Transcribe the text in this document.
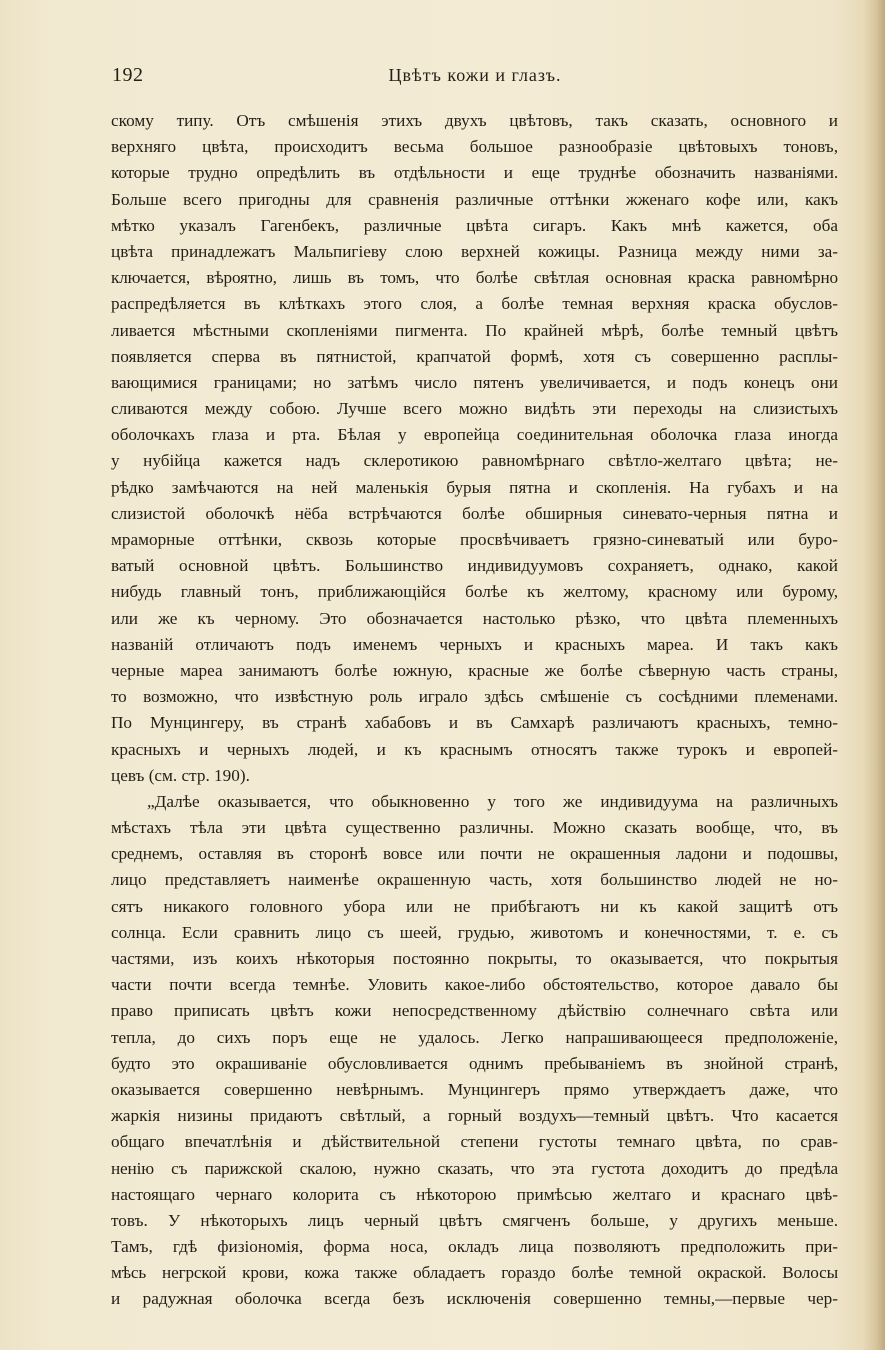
192	Цвѣтъ кожи и глазъ.
скому типу. Отъ смѣшенія этихъ двухъ цвѣтовъ, такъ сказать, основного и
верхняго цвѣта, происходитъ весьма большое разнообразіе цвѣтовыхъ тоновъ,
которые трудно опредѣлить въ отдѣльности и еще труднѣе обозначить названіями.
Больше всего пригодны для сравненія различные оттѣнки жженаго кофе или, какъ
мѣтко указалъ Гагенбекъ, различные цвѣта сигаръ. Какъ мнѣ кажется, оба
цвѣта принадлежатъ Мальпигіеву слою верхней кожицы. Разница между ними за-
ключается, вѣроятно, лишь въ томъ, что болѣе свѣтлая основная краска равномѣрно
распредѣляется въ клѣткахъ этого слоя, а болѣе темная верхняя краска обуслов-
ливается мѣстными скопленіями пигмента. По крайней мѣрѣ, болѣе темный цвѣтъ
появляется сперва въ пятнистой, крапчатой формѣ, хотя съ совершенно расплы-
вающимися границами; но затѣмъ число пятенъ увеличивается, и подъ конецъ они
сливаются между собою. Лучше всего можно видѣть эти переходы на слизистыхъ
оболочкахъ глаза и рта. Бѣлая у европейца соединительная оболочка глаза иногда
у нубійца кажется надъ склеротикою равномѣрнаго свѣтло-желтаго цвѣта; не-
рѣдко замѣчаются на ней маленькія бурыя пятна и скопленія. На губахъ и на
слизистой оболочкѣ нёба встрѣчаются болѣе обширныя синевато-черныя пятна и
мраморные оттѣнки, сквозь которые просвѣчиваетъ грязно-синеватый или буро-
ватый основной цвѣтъ. Большинство индивидуумовъ сохраняетъ, однако, какой
нибудь главный тонъ, приближающійся болѣе къ желтому, красному или бурому,
или же къ черному. Это обозначается настолько рѣзко, что цвѣта племенныхъ
названій отличаютъ подъ именемъ черныхъ и красныхъ мареа. И такъ какъ
черные мареа занимаютъ болѣе южную, красные же болѣе сѣверную часть страны,
то возможно, что извѣстную роль играло здѣсь смѣшеніе съ сосѣдними племенами.
По Мунцингеру, въ странѣ хабабовъ и въ Самхарѣ различаютъ красныхъ, темно-
красныхъ и черныхъ людей, и къ краснымъ относятъ также турокъ и европей-
цевъ (см. стр. 190).
„Далѣе оказывается, что обыкновенно у того же индивидуума на различныхъ
мѣстахъ тѣла эти цвѣта существенно различны. Можно сказать вообще, что, въ
среднемъ, оставляя въ сторонѣ вовсе или почти не окрашенныя ладони и подошвы,
лицо представляетъ наименѣе окрашенную часть, хотя большинство людей не но-
сятъ никакого головного убора или не прибѣгаютъ ни къ какой защитѣ отъ
солнца. Если сравнить лицо съ шеей, грудью, животомъ и конечностями, т. е. съ
частями, изъ коихъ нѣкоторыя постоянно покрыты, то оказывается, что покрытыя
части почти всегда темнѣе. Уловить какое-либо обстоятельство, которое давало бы
право приписать цвѣтъ кожи непосредственному дѣйствію солнечнаго свѣта или
тепла, до сихъ поръ еще не удалось. Легко напрашивающееся предположеніе,
будто это окрашиваніе обусловливается однимъ пребываніемъ въ знойной странѣ,
оказывается совершенно невѣрнымъ. Мунцингеръ прямо утверждаетъ даже, что
жаркія низины придаютъ свѣтлый, а горный воздухъ—темный цвѣтъ. Что касается
общаго впечатлѣнія и дѣйствительной степени густоты темнаго цвѣта, по срав-
ненію съ парижской скалою, нужно сказать, что эта густота доходитъ до предѣла
настоящаго чернаго колорита съ нѣкоторою примѣсью желтаго и краснаго цвѣ-
товъ. У нѣкоторыхъ лицъ черный цвѣтъ смягченъ больше, у другихъ меньше.
Тамъ, гдѣ физіономія, форма носа, окладъ лица позволяютъ предположить при-
мѣсь негрской крови, кожа также обладаетъ гораздо болѣе темной окраской. Волосы
и радужная оболочка всегда безъ исключенія совершенно темны,—первые чер-
